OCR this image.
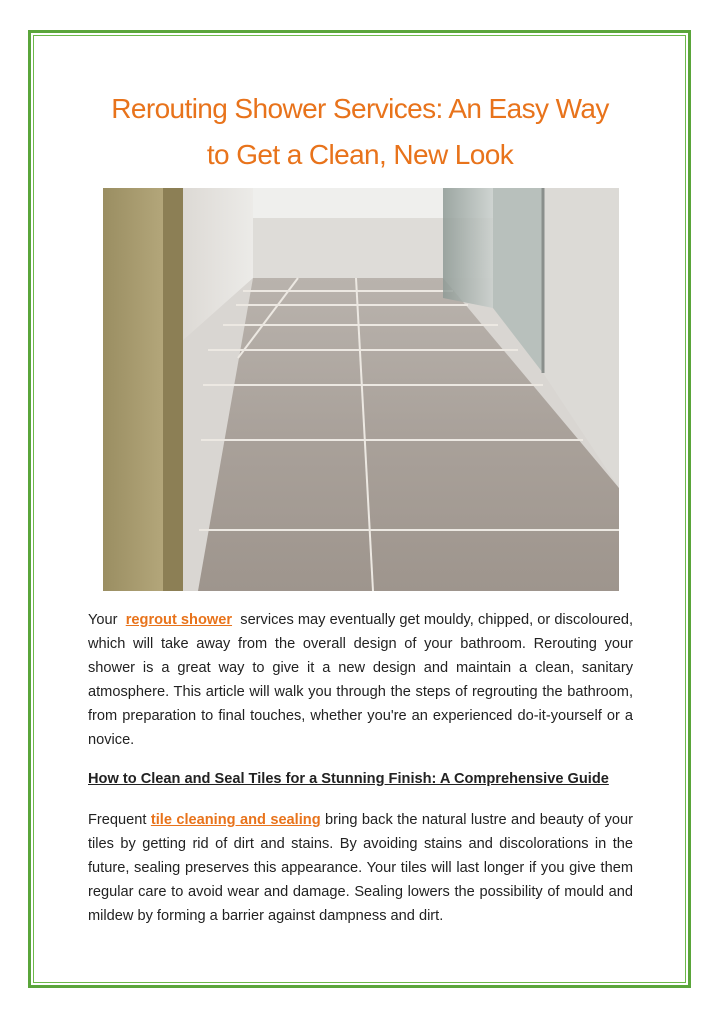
Rerouting Shower Services: An Easy Way
to Get a Clean, New Look
Your regrout shower services may eventually get mouldy, chipped, or discoloured, which will take away from the overall design of your bathroom. Rerouting your shower is a great way to give it a new design and maintain a clean, sanitary atmosphere. This article will walk you through the steps of regrouting the bathroom, from preparation to final touches, whether you're an experienced do-it-yourself or a novice.
How to Clean and Seal Tiles for a Stunning Finish: A Comprehensive Guide
Frequent tile cleaning and sealing bring back the natural lustre and beauty of your tiles by getting rid of dirt and stains. By avoiding stains and discolorations in the future, sealing preserves this appearance. Your tiles will last longer if you give them regular care to avoid wear and damage. Sealing lowers the possibility of mould and mildew by forming a barrier against dampness and dirt.
